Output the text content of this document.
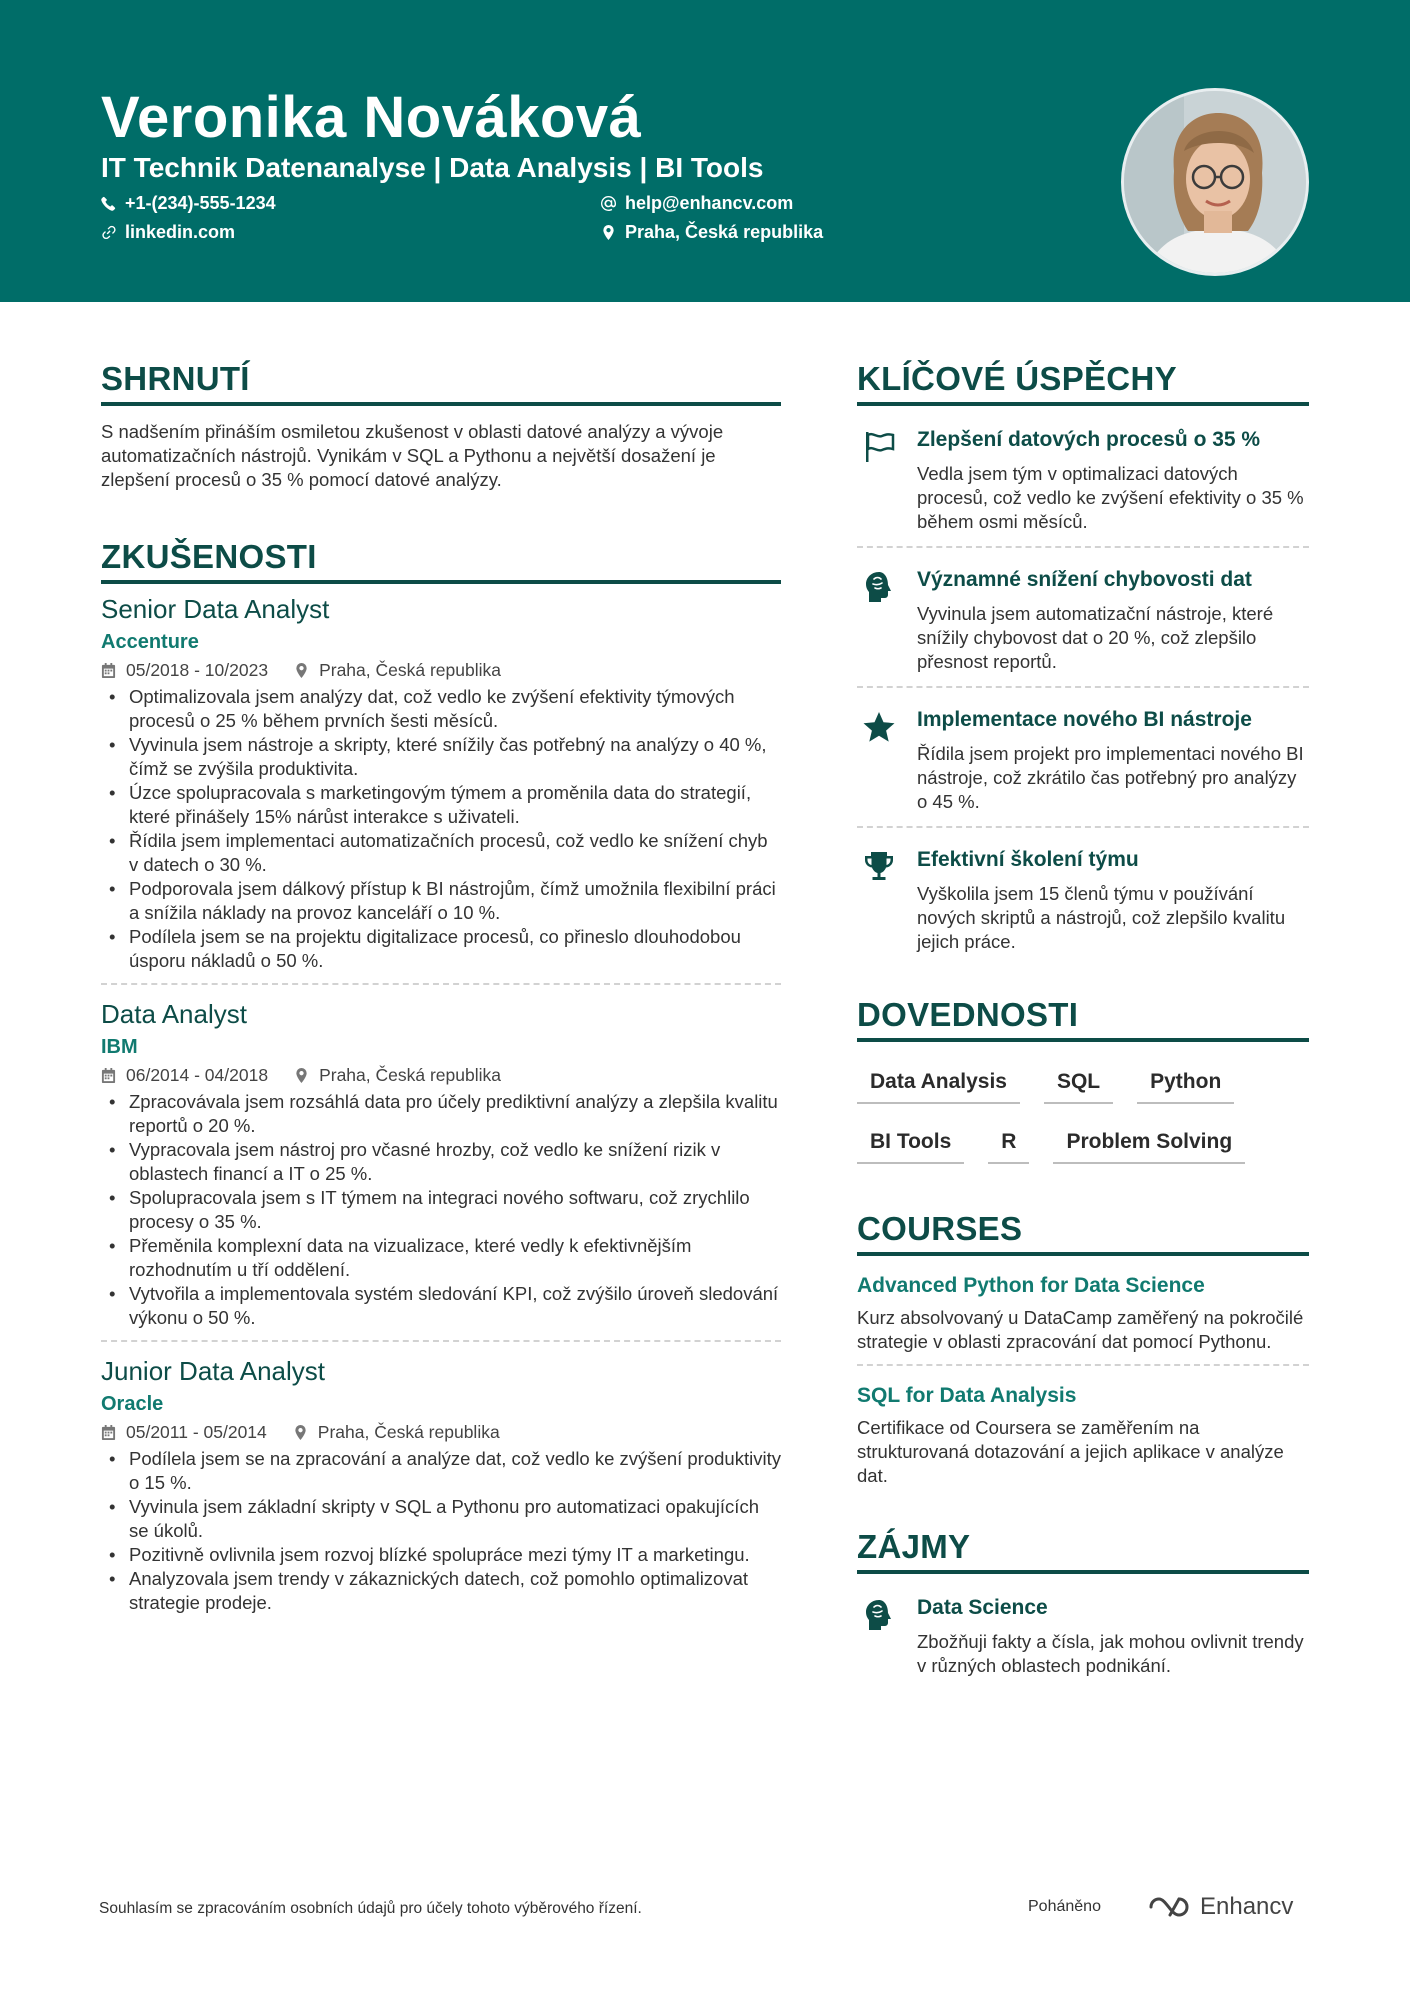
Veronika Nováková
IT Technik Datenanalyse | Data Analysis | BI Tools
+1-(234)-555-1234	help@enhancv.com
linkedin.com	Praha, Česká republika
SHRNUTÍ
S nadšením přináším osmiletou zkušenost v oblasti datové analýzy a vývoje automatizačních nástrojů. Vynikám v SQL a Pythonu a největší dosažení je zlepšení procesů o 35 % pomocí datové analýzy.
ZKUŠENOSTI
Senior Data Analyst
Accenture
05/2018 - 10/2023	Praha, Česká republika
• Optimalizovala jsem analýzy dat, což vedlo ke zvýšení efektivity týmových procesů o 25 % během prvních šesti měsíců.
• Vyvinula jsem nástroje a skripty, které snížily čas potřebný na analýzy o 40 %, čímž se zvýšila produktivita.
• Úzce spolupracovala s marketingovým týmem a proměnila data do strategií, které přinášely 15% nárůst interakce s uživateli.
• Řídila jsem implementaci automatizačních procesů, což vedlo ke snížení chyb v datech o 30 %.
• Podporovala jsem dálkový přístup k BI nástrojům, čímž umožnila flexibilní práci a snížila náklady na provoz kanceláří o 10 %.
• Podílela jsem se na projektu digitalizace procesů, co přineslo dlouhodobou úsporu nákladů o 50 %.
Data Analyst
IBM
06/2014 - 04/2018	Praha, Česká republika
• Zpracovávala jsem rozsáhlá data pro účely prediktivní analýzy a zlepšila kvalitu reportů o 20 %.
• Vypracovala jsem nástroj pro včasné hrozby, což vedlo ke snížení rizik v oblastech financí a IT o 25 %.
• Spolupracovala jsem s IT týmem na integraci nového softwaru, což zrychlilo procesy o 35 %.
• Přeměnila komplexní data na vizualizace, které vedly k efektivnějším rozhodnutím u tří oddělení.
• Vytvořila a implementovala systém sledování KPI, což zvýšilo úroveň sledování výkonu o 50 %.
Junior Data Analyst
Oracle
05/2011 - 05/2014	Praha, Česká republika
• Podílela jsem se na zpracování a analýze dat, což vedlo ke zvýšení produktivity o 15 %.
• Vyvinula jsem základní skripty v SQL a Pythonu pro automatizaci opakujících se úkolů.
• Pozitivně ovlivnila jsem rozvoj blízké spolupráce mezi týmy IT a marketingu.
• Analyzovala jsem trendy v zákaznických datech, což pomohlo optimalizovat strategie prodeje.
KLÍČOVÉ ÚSPĚCHY
Zlepšení datových procesů o 35 %
Vedla jsem tým v optimalizaci datových procesů, což vedlo ke zvýšení efektivity o 35 % během osmi měsíců.
Významné snížení chybovosti dat
Vyvinula jsem automatizační nástroje, které snížily chybovost dat o 20 %, což zlepšilo přesnost reportů.
Implementace nového BI nástroje
Řídila jsem projekt pro implementaci nového BI nástroje, což zkrátilo čas potřebný pro analýzy o 45 %.
Efektivní školení týmu
Vyškolila jsem 15 členů týmu v používání nových skriptů a nástrojů, což zlepšilo kvalitu jejich práce.
DOVEDNOSTI
Data Analysis	SQL	Python
BI Tools	R	Problem Solving
COURSES
Advanced Python for Data Science
Kurz absolvovaný u DataCamp zaměřený na pokročilé strategie v oblasti zpracování dat pomocí Pythonu.
SQL for Data Analysis
Certifikace od Coursera se zaměřením na strukturovaná dotazování a jejich aplikace v analýze dat.
ZÁJMY
Data Science
Zbožňuji fakty a čísla, jak mohou ovlivnit trendy v různých oblastech podnikání.
Souhlasím se zpracováním osobních údajů pro účely tohoto výběrového řízení.	Poháněno	Enhancv
